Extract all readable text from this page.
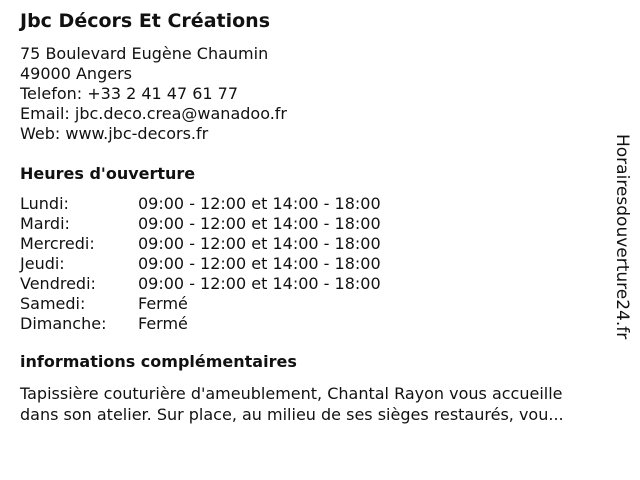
Jbc Décors Et Créations
75 Boulevard Eugène Chaumin
49000 Angers
Telefon: +33 2 41 47 61 77
Email: jbc.deco.crea@wanadoo.fr
Web: www.jbc-decors.fr
Heures d'ouverture
Lundi:	09:00 - 12:00 et 14:00 - 18:00
Mardi:	09:00 - 12:00 et 14:00 - 18:00
Mercredi:	09:00 - 12:00 et 14:00 - 18:00
Jeudi:	09:00 - 12:00 et 14:00 - 18:00
Vendredi:	09:00 - 12:00 et 14:00 - 18:00
Samedi:	Fermé
Dimanche: Fermé
informations complémentaires
Tapissière couturière d'ameublement, Chantal Rayon vous accueille
dans son atelier. Sur place, au milieu de ses sièges restaurés, vou...
Horairesdouverture24.fr
